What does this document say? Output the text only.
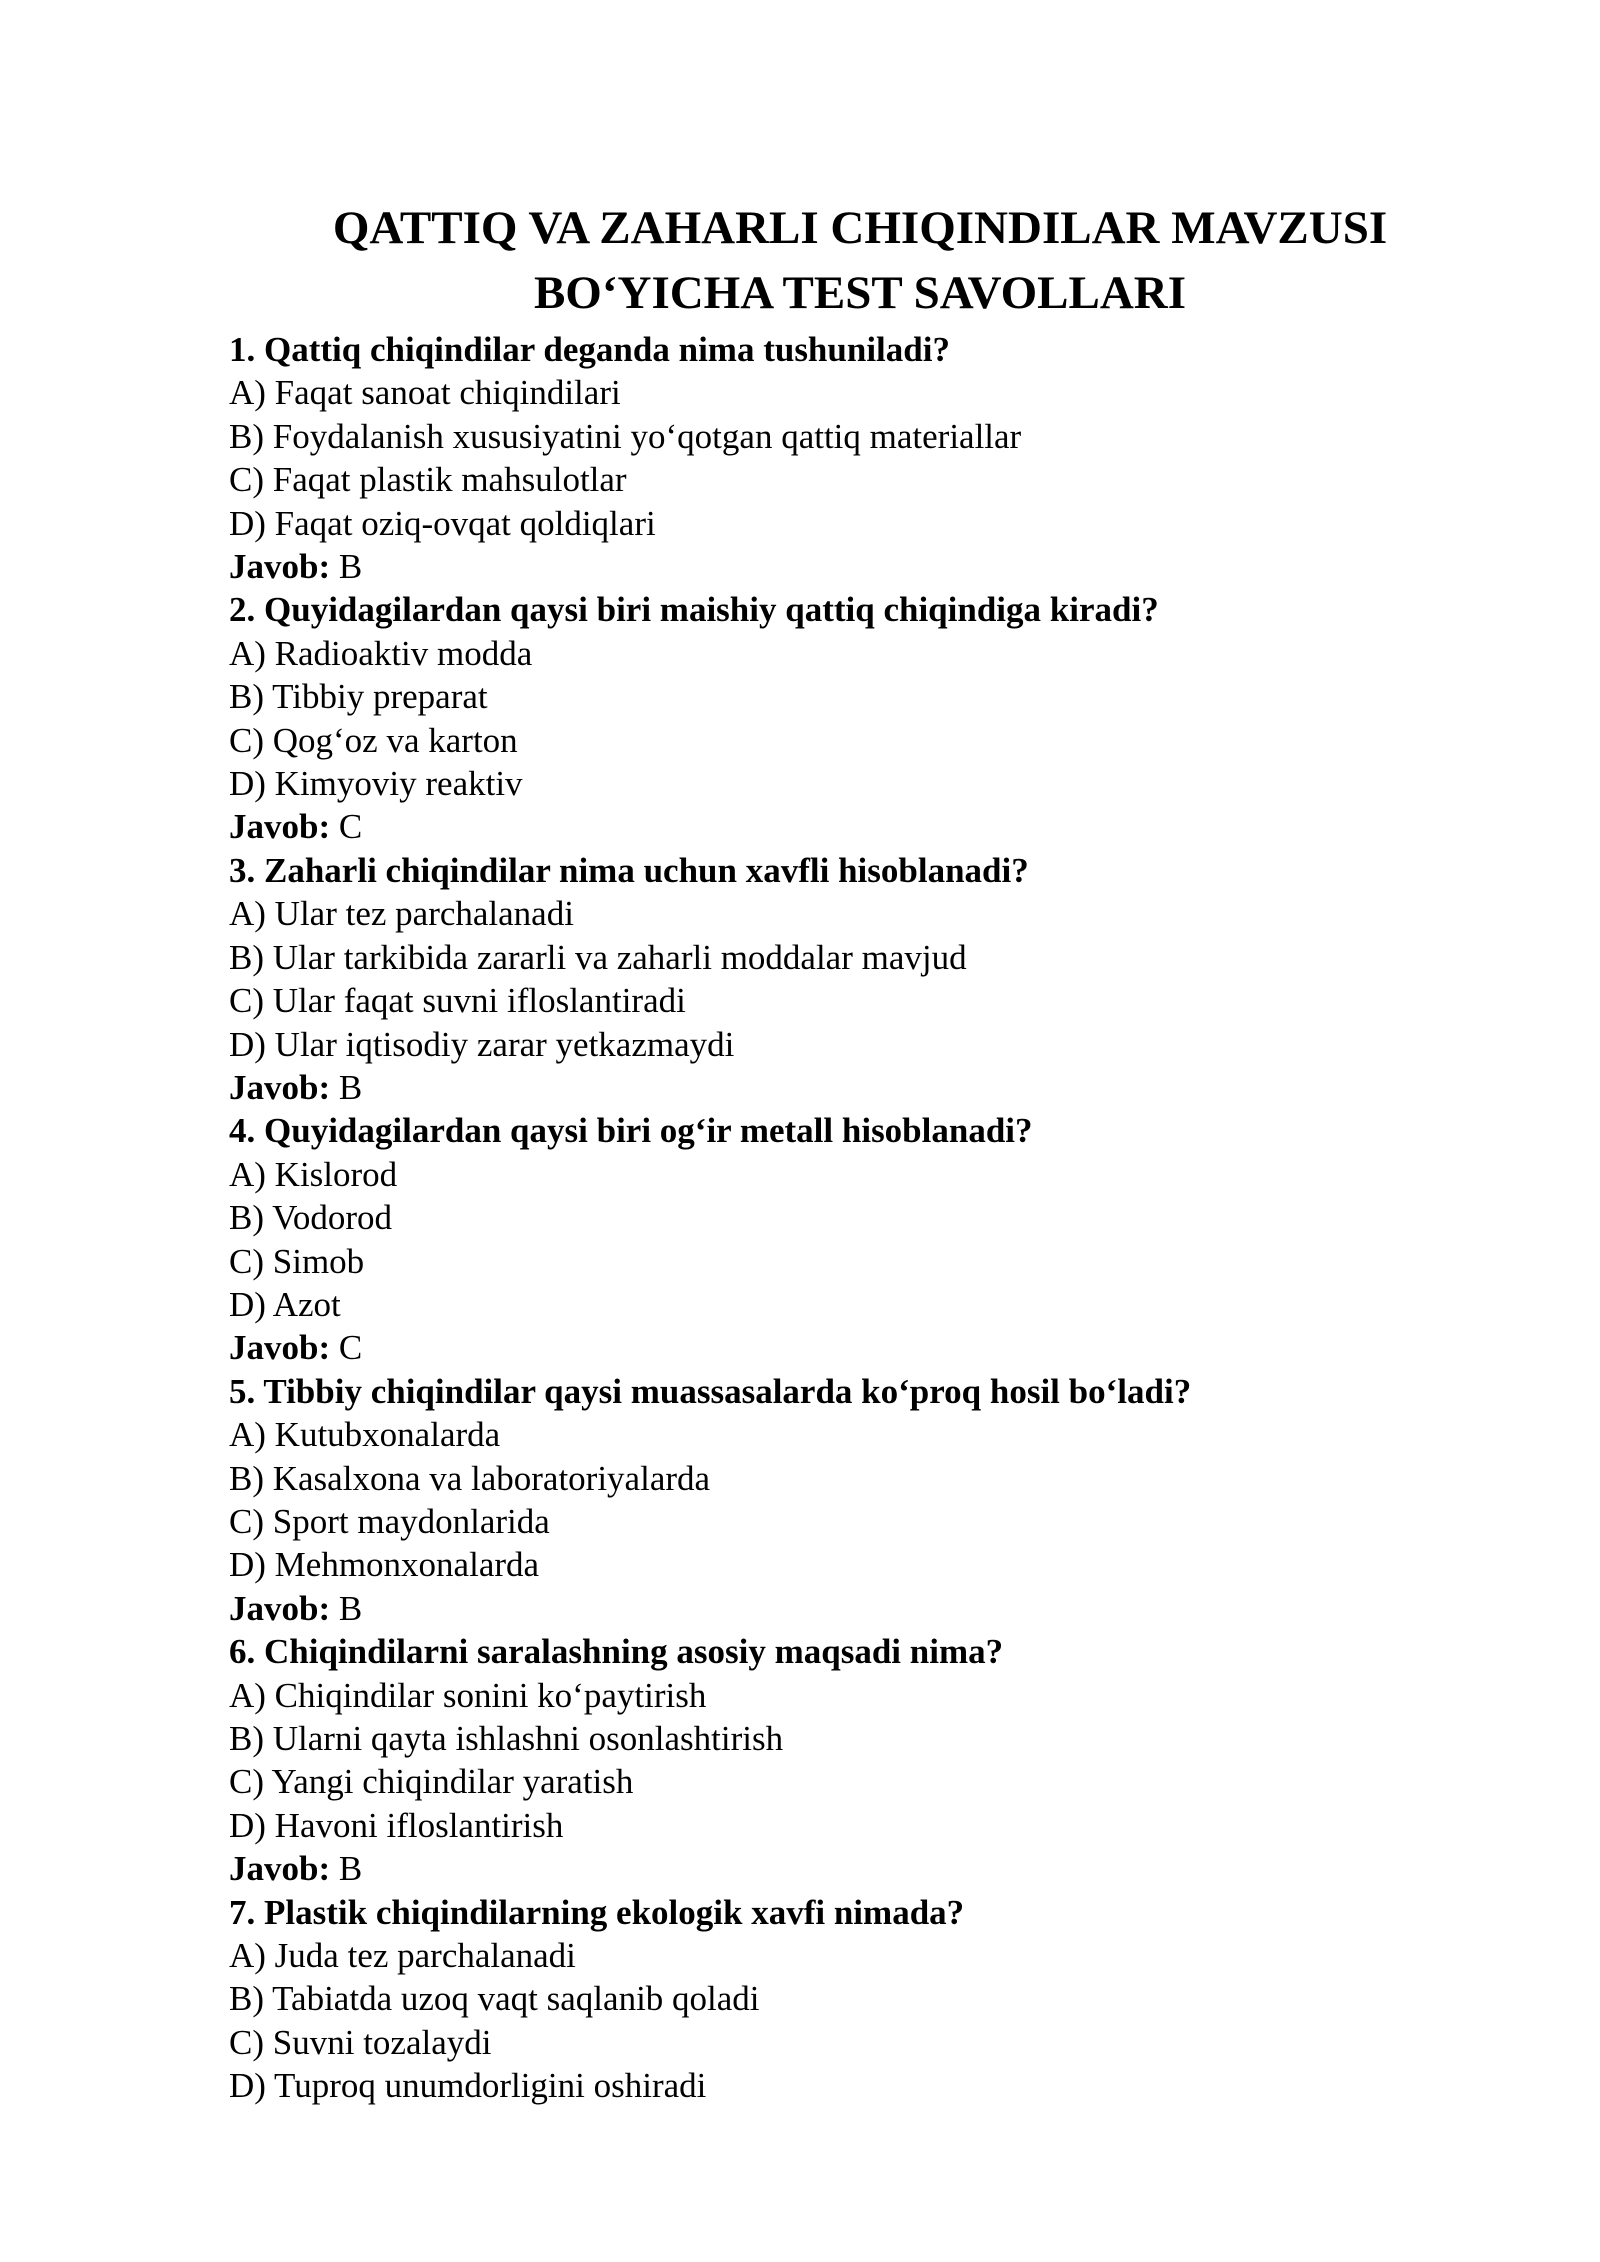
QATTIQ VA ZAHARLI CHIQINDILAR MAVZUSI
BO‘YICHA TEST SAVOLLARI
1. Qattiq chiqindilar deganda nima tushuniladi?
A) Faqat sanoat chiqindilari
B) Foydalanish xususiyatini yo‘qotgan qattiq materiallar
C) Faqat plastik mahsulotlar
D) Faqat oziq-ovqat qoldiqlari
Javob: B
2. Quyidagilardan qaysi biri maishiy qattiq chiqindiga kiradi?
A) Radioaktiv modda
B) Tibbiy preparat
C) Qog‘oz va karton
D) Kimyoviy reaktiv
Javob: C
3. Zaharli chiqindilar nima uchun xavfli hisoblanadi?
A) Ular tez parchalanadi
B) Ular tarkibida zararli va zaharli moddalar mavjud
C) Ular faqat suvni ifloslantiradi
D) Ular iqtisodiy zarar yetkazmaydi
Javob: B
4. Quyidagilardan qaysi biri og‘ir metall hisoblanadi?
A) Kislorod
B) Vodorod
C) Simob
D) Azot
Javob: C
5. Tibbiy chiqindilar qaysi muassasalarda ko‘proq hosil bo‘ladi?
A) Kutubxonalarda
B) Kasalxona va laboratoriyalarda
C) Sport maydonlarida
D) Mehmonxonalarda
Javob: B
6. Chiqindilarni saralashning asosiy maqsadi nima?
A) Chiqindilar sonini ko‘paytirish
B) Ularni qayta ishlashni osonlashtirish
C) Yangi chiqindilar yaratish
D) Havoni ifloslantirish
Javob: B
7. Plastik chiqindilarning ekologik xavfi nimada?
A) Juda tez parchalanadi
B) Tabiatda uzoq vaqt saqlanib qoladi
C) Suvni tozalaydi
D) Tuproq unumdorligini oshiradi
